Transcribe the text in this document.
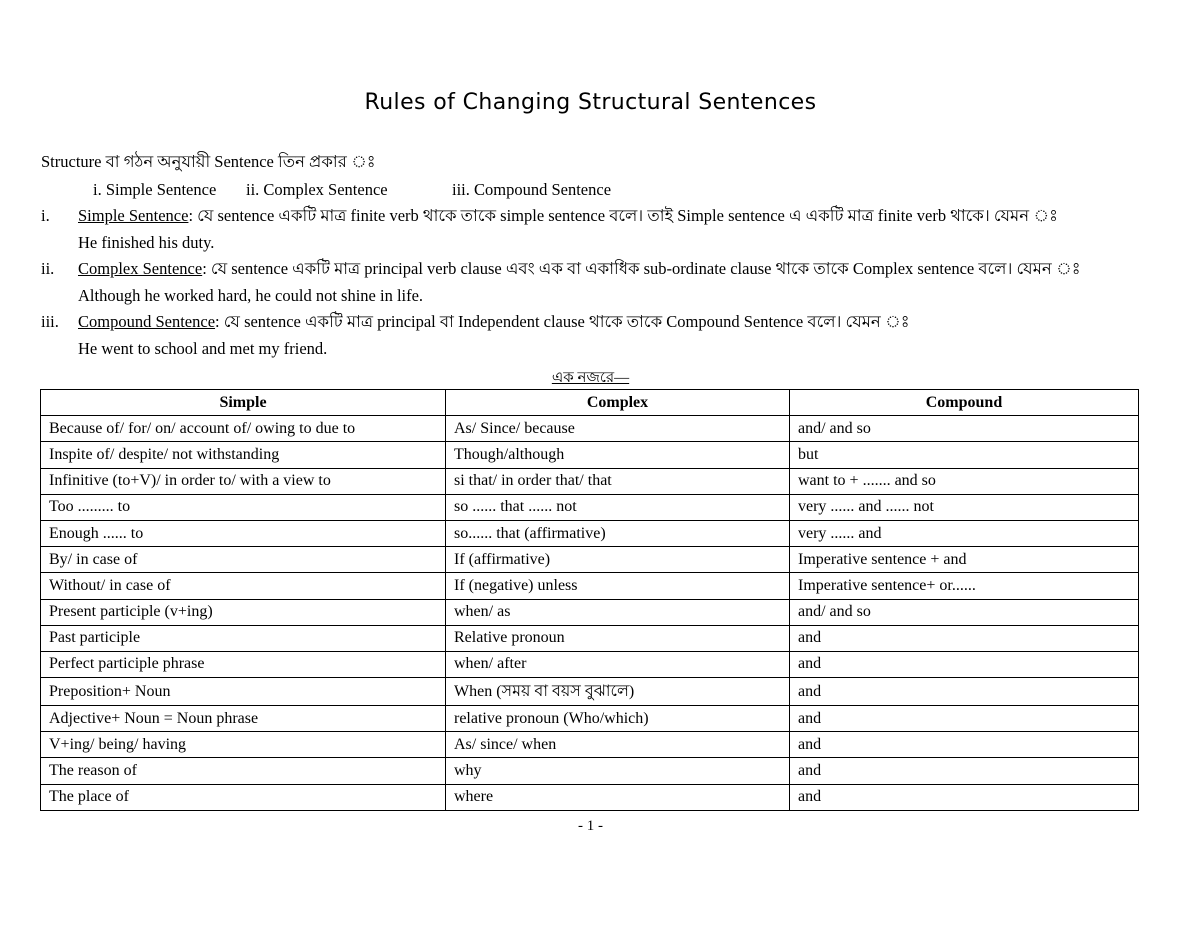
Rules of Changing Structural Sentences
Structure বা গঠন অনুযায়ী Sentence তিন প্রকার ঃ
i. Simple Sentence ii. Complex Sentence	iii. Compound Sentence
i. Simple Sentence: যে sentence একটি মাত্র finite verb থাকে তাকে simple sentence বলে। তাই Simple sentence এ একটি মাত্র finite verb থাকে। যেমন ঃ
He finished his duty.
ii. Complex Sentence: যে sentence একটি মাত্র principal verb clause এবং এক বা একাধিক sub-ordinate clause থাকে তাকে Complex sentence বলে। যেমন ঃ
Although he worked hard, he could not shine in life.
iii. Compound Sentence: যে sentence একটি মাত্র principal বা Independent clause থাকে তাকে Compound Sentence বলে। যেমন ঃ
He went to school and met my friend.
এক নজরে—
Simple	Complex	Compound
Because of/ for/ on/ account of/ owing to due to	As/ Since/ because	and/ and so
Inspite of/ despite/ not withstanding	Though/although	but
Infinitive (to+V)/ in order to/ with a view to	si that/ in order that/ that	want to + ....... and so
Too ......... to	so ...... that ...... not	very ...... and ...... not
Enough ...... to	so...... that (affirmative)	very ...... and
By/ in case of	If (affirmative)	Imperative sentence + and
Without/ in case of	If (negative) unless	Imperative sentence+ or......
Present participle (v+ing)	when/ as	and/ and so
Past participle	Relative pronoun	and
Perfect participle phrase	when/ after	and
Preposition+ Noun	When (সময় বা বয়স বুঝালে)	and
Adjective+ Noun = Noun phrase	relative pronoun (Who/which)	and
V+ing/ being/ having	As/ since/ when	and
The reason of	why	and
The place of	where	and
- 1 -
